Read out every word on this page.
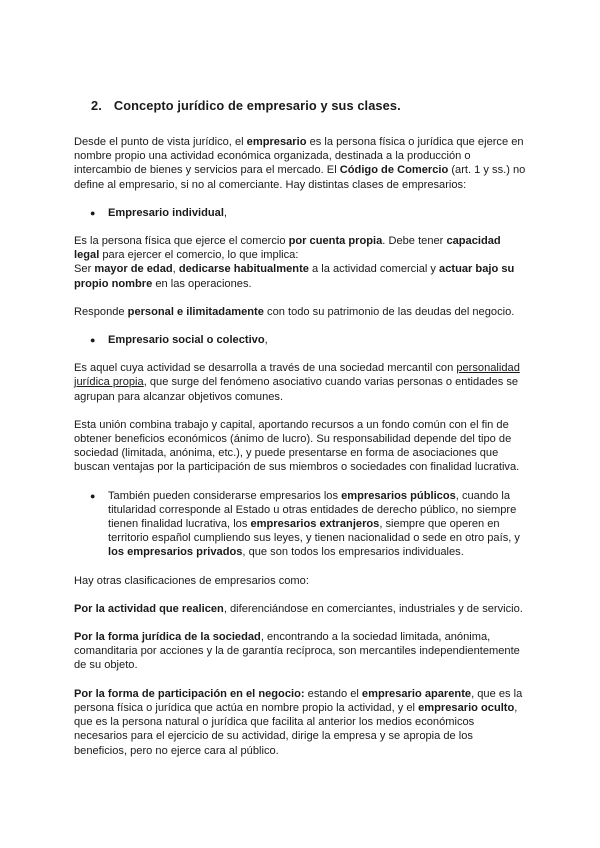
2. Concepto jurídico de empresario y sus clases.

Desde el punto de vista jurídico, el empresario es la persona física o jurídica que ejerce en nombre propio una actividad económica organizada, destinada a la producción o intercambio de bienes y servicios para el mercado. El Código de Comercio (art. 1 y ss.) no define al empresario, si no al comerciante. Hay distintas clases de empresarios:

● Empresario individual,

Es la persona física que ejerce el comercio por cuenta propia. Debe tener capacidad legal para ejercer el comercio, lo que implica:
Ser mayor de edad, dedicarse habitualmente a la actividad comercial y actuar bajo su propio nombre en las operaciones.

Responde personal e ilimitadamente con todo su patrimonio de las deudas del negocio.

● Empresario social o colectivo,

Es aquel cuya actividad se desarrolla a través de una sociedad mercantil con personalidad jurídica propia, que surge del fenómeno asociativo cuando varias personas o entidades se agrupan para alcanzar objetivos comunes.

Esta unión combina trabajo y capital, aportando recursos a un fondo común con el fin de obtener beneficios económicos (ánimo de lucro). Su responsabilidad depende del tipo de sociedad (limitada, anónima, etc.), y puede presentarse en forma de asociaciones que buscan ventajas por la participación de sus miembros o sociedades con finalidad lucrativa.

● También pueden considerarse empresarios los empresarios públicos, cuando la titularidad corresponde al Estado u otras entidades de derecho público, no siempre tienen finalidad lucrativa, los empresarios extranjeros, siempre que operen en territorio español cumpliendo sus leyes, y tienen nacionalidad o sede en otro país, y los empresarios privados, que son todos los empresarios individuales.

Hay otras clasificaciones de empresarios como:

Por la actividad que realicen, diferenciándose en comerciantes, industriales y de servicio.

Por la forma jurídica de la sociedad, encontrando a la sociedad limitada, anónima, comanditaria por acciones y la de garantía recíproca, son mercantiles independientemente de su objeto.

Por la forma de participación en el negocio: estando el empresario aparente, que es la persona física o jurídica que actúa en nombre propio la actividad, y el empresario oculto, que es la persona natural o jurídica que facilita al anterior los medios económicos necesarios para el ejercicio de su actividad, dirige la empresa y se apropia de los beneficios, pero no ejerce cara al público.
